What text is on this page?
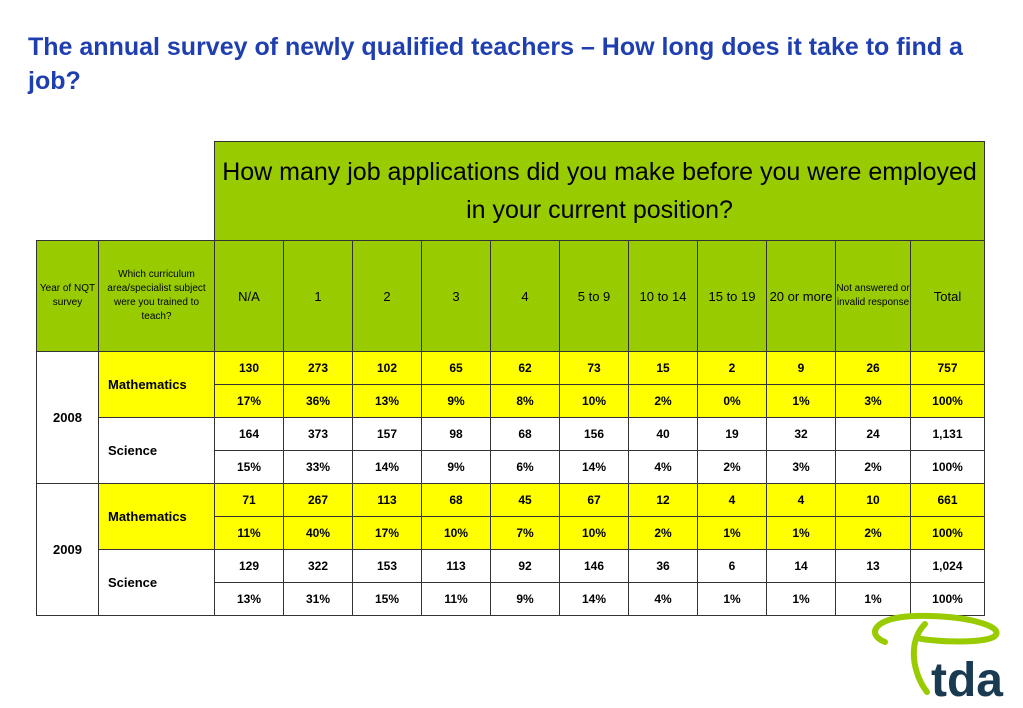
The annual survey of newly qualified teachers – How long does it take to find a job?
		How many job applications did you make before you were employed in your current position?										
Year of NQT survey	Which curriculum area/specialist subject were you trained to teach?	N/A	1	2	3	4	5 to 9	10 to 14	15 to 19	20 or more	Not answered or invalid response	Total
2008	Mathematics	130	273	102	65	62	73	15	2	9	26	757
		17%	36%	13%	9%	8%	10%	2%	0%	1%	3%	100%
	Science	164	373	157	98	68	156	40	19	32	24	1,131
		15%	33%	14%	9%	6%	14%	4%	2%	3%	2%	100%
2009	Mathematics	71	267	113	68	45	67	12	4	4	10	661
		11%	40%	17%	10%	7%	10%	2%	1%	1%	2%	100%
	Science	129	322	153	113	92	146	36	6	14	13	1,024
		13%	31%	15%	11%	9%	14%	4%	1%	1%	1%	100%
tda
